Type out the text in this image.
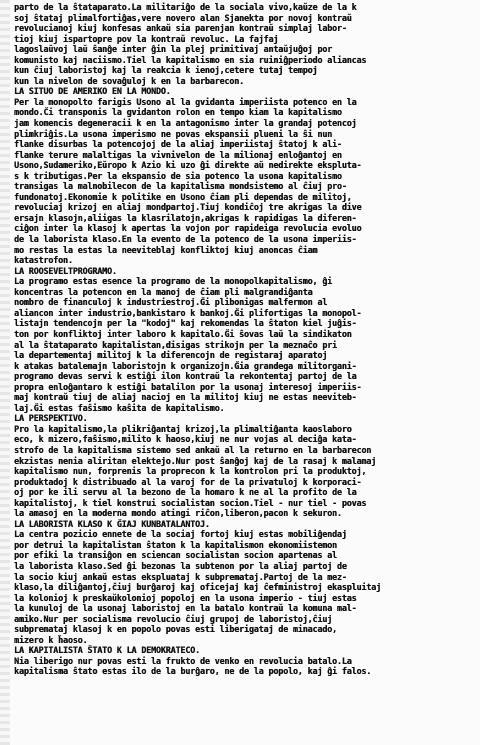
parto de la ŝtataparato.La militariĝo de la sociala vivo,kaŭze de la k
soj ŝtataj plimalfortiĝas,vere novero alan Sjanekta por novoj kontraŭ
revolucianoj kiuj konfesas ankaŭ sia parenjan kontraŭ simplaj labor-
tioj kiuj ispartopre pov la kontraŭ revoluc. La fajfaj
lagoslaŭvoj laŭ ŝanĝe inter ĝin la plej primitivaj antaŭjuĝoj por
komunisto kaj naciismo.Tiel la kapitalismo en sia ruiniĝperiodo aliancas
kun ĉiuj laboristoj kaj la reakcia k ienoj,cetere tutaj tempoj
kun la nivelon de sovaĝuloj k en la barbarecon.
LA SITUO DE AMERIKO EN LA MONDO.
Per la monopolto farigis Usono al la gvidanta imperiista potenco en la
mondo.Ĉi transponis la gvidanton rolon en tempo kiam la kapitalismo
jam komencis degeneracii k en la antagonismo inter la grandaj potencoj
plimkriĝis.La usona imperismo ne povas ekspansii plueni la ŝi nun
flanke disurbas la potencojoj de la aliaj imperiistaj ŝtatoj k ali-
flanke terure malaltigas la vivnivelon de la milionaj enloĝantoj en
Usono,Sudameriko,Eŭropo k Azio ki uzo ĝi direkte aŭ nedirekte ekspluta-
s k tributigas.Per la ekspansio de sia potenco la usona kapitalismo
transigas la malnobilecon de la kapitalisma mondsistemo al ĉiuj pro-
fundonatoj.Ekonomie k politike en Usono ĉiam pli dependas de militoj,
revoluciaj krizoj en aliaj mondpartoj.Tiuj kondiĉoj tre akrigas la dive
ersajn klasojn,aliigas la klasrilatojn,akrigas k rapidigas la diferen-
ciĝon inter la klasoj k apertas la vojon por rapideiga revolucia evoluo
de la laborista klaso.En la evento de la potenco de la usona imperiis-
mo restas la estas la neeviteblaj konfliktoj kiuj anoncas ĉiam
katastrofon.
LA ROOSEVELTPROGRAMO.
La programo estas esence la programo de la monopolkapitalismo, ĝi
koncentras la potencon en la manoj de ĉiam pli malgrandiĝanta
nombro de financuloj k industriestroj.Ĝi plibonigas malfermon al
aliancon inter industrio,bankistaro k bankoj.Ĝi plifortigas la monopol-
listajn tendencojn per la "kodoj" kaj rekomendas la ŝtaton kiel juĝis-
ton por konfliktoj inter laboro k kapitalo.Ĝi ŝovas laŭ la sindikaton
al la ŝtataparato kapitalistan,disigas strikojn per la meznaĉo pri
la departementaj militoj k la diferencojn de registaraj aparatoj
k atakas batalemajn laboristojn k organizojn.Ĝia grandega militorgani-
programo devas servi k estiĝi ilon kontraŭ la rekontentaj partoj de la
propra enloĝantaro k estiĝi batalilon por la usonaj interesoj imperiis-
maj kontraŭ tiuj de aliaj nacioj en la militoj kiuj ne estas neeviteb-
laj.Ĝi estas faŝismo kaŝita de kapitalismo.
LA PERSPEKTIVO.
Pro la kapitalismo,la plikriĝantaj krizoj,la plimaltiĝanta kaoslaboro
eco, k mizero,faŝismo,milito k ĥaoso,kiuj ne nur vojas al deciĝa kata-
strofo de la kapitalisma sistemo sed ankaŭ al la returno en la barbarecon
ekzistas nenia aliritan elektejo.Nur post ŝanĝoj kaj de la rasaj k malamaj
kapitalismo nun, forprenis la proprecon k la kontrolon pri la produktoj,
produktadoj k distribuado al la varoj for de la privatuloj k korporaci-
oj por ke ili servu al la bezono de la homaro k ne al la profito de la
kapitalistoj, k tiel konstrui socialistan socion.Tiel - nur tiel - povas
la amasoj en la moderna mondo atingi riĉon,liberon,pacon k sekuron.
LA LABORISTA KLASO K ĜIAJ KUNBATALANTOJ.
La centra pozicio ennete de la sociaj fortoj kiuj estas mobiliĝendaj
por detrui la kapitalistan ŝtaton k la kapitalismon ekonomiistemon
por efiki la transiĝon en sciencan socialistan socion apartenas al
la laborista klaso.Sed ĝi bezonas la subtenon por la aliaj partoj de
la socio kiuj ankaŭ estas ekspluataj k subpremataj.Partoj de la mez-
klaso,la diliĝantoj,ĉiuj burĝaroj kaj oficejaj kaj ĉefministroj ekaspluitaj
la kolonioj k preskaŭkolonioj popoloj en la usona imperio - tiuj estas
la kunuloj de la usonaj laboristoj en la batalo kontraŭ la komuna mal-
amiko.Nur per socialisma revolucio ĉiuj grupoj de laboristoj,ĉiuj
subpremataj klasoj k en popolo povas esti liberigataj de minacado,
mizero k ĥaoso.
LA KAPITALISTA ŜTATO K LA DEMOKRATECO.
Nia liberigo nur povas esti la frukto de venko en revolucia batalo.La
kapitalisma ŝtato estas ilo de la burĝaro, ne de la popolo, kaj ĝi falos.
